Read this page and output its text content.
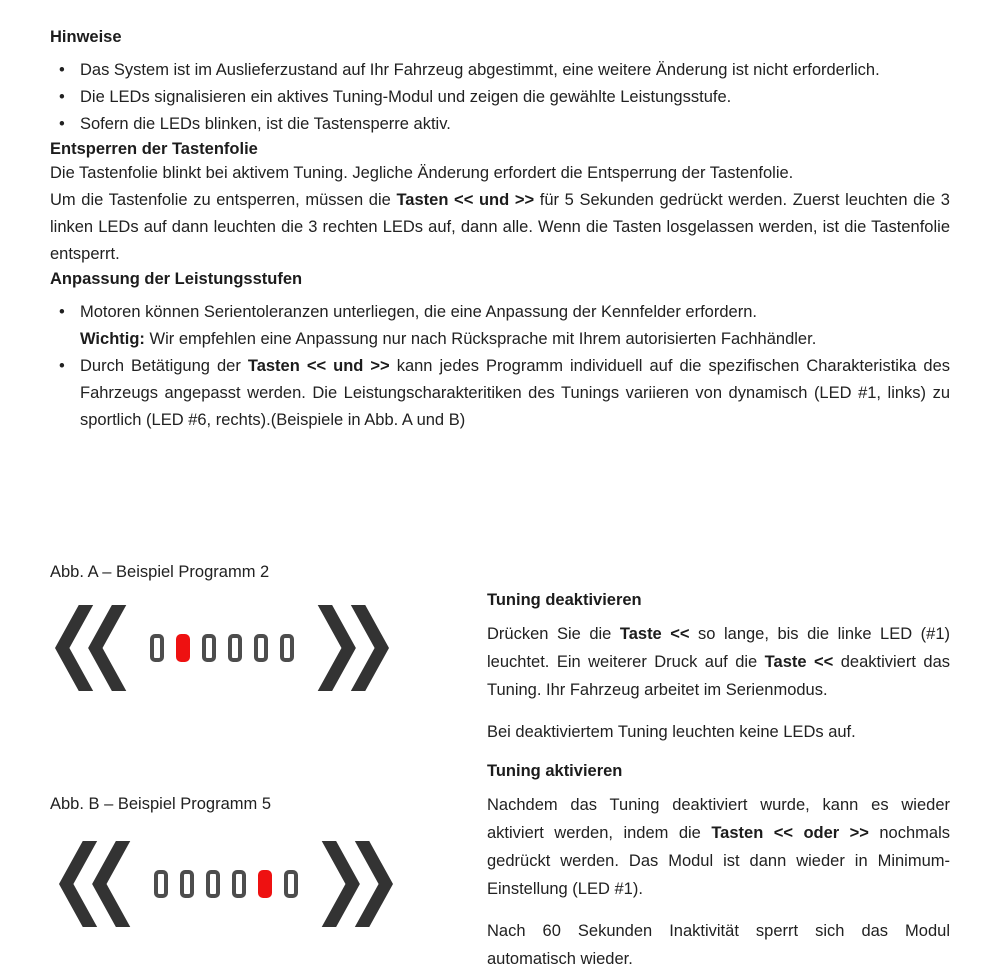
Hinweise
• Das System ist im Auslieferzustand auf Ihr Fahrzeug abgestimmt, eine weitere Änderung ist nicht erforderlich.
• Die LEDs signalisieren ein aktives Tuning-Modul und zeigen die gewählte Leistungsstufe.
• Sofern die LEDs blinken, ist die Tastensperre aktiv.
Entsperren der Tastenfolie

Die Tastenfolie blinkt bei aktivem Tuning. Jegliche Änderung erfordert die Entsperrung der Tastenfolie.
Um die Tastenfolie zu entsperren, müssen die Tasten << und >> für 5 Sekunden gedrückt werden. Zuerst leuchten die 3 linken LEDs auf dann leuchten die 3 rechten LEDs auf, dann alle. Wenn die Tasten losgelassen werden, ist die Tastenfolie entsperrt.

Anpassung der Leistungsstufen
• Motoren können Serientoleranzen unterliegen, die eine Anpassung der Kennfelder erfordern.
Wichtig: Wir empfehlen eine Anpassung nur nach Rücksprache mit Ihrem autorisierten Fachhändler.
• Durch Betätigung der Tasten << und >> kann jedes Programm individuell auf die spezifischen Charakteristika des Fahrzeugs angepasst werden. Die Leistungscharakteritiken des Tunings variieren von dynamisch (LED #1, links) zu sportlich (LED #6, rechts).(Beispiele in Abb. A und B)
Abb. A – Beispiel Programm 2
Abb. B – Beispiel Programm 5
Tuning deaktivieren

Drücken Sie die Taste << so lange, bis die linke LED (#1) leuchtet. Ein weiterer Druck auf die Taste << deaktiviert das Tuning. Ihr Fahrzeug arbeitet im Serienmodus.

Bei deaktiviertem Tuning leuchten keine LEDs auf.

Tuning aktivieren

Nachdem das Tuning deaktiviert wurde, kann es wieder aktiviert werden, indem die Tasten << oder >> nochmals gedrückt werden. Das Modul ist dann wieder in Minimum-Einstellung (LED #1).

Nach 60 Sekunden Inaktivität sperrt sich das Modul automatisch wieder.
